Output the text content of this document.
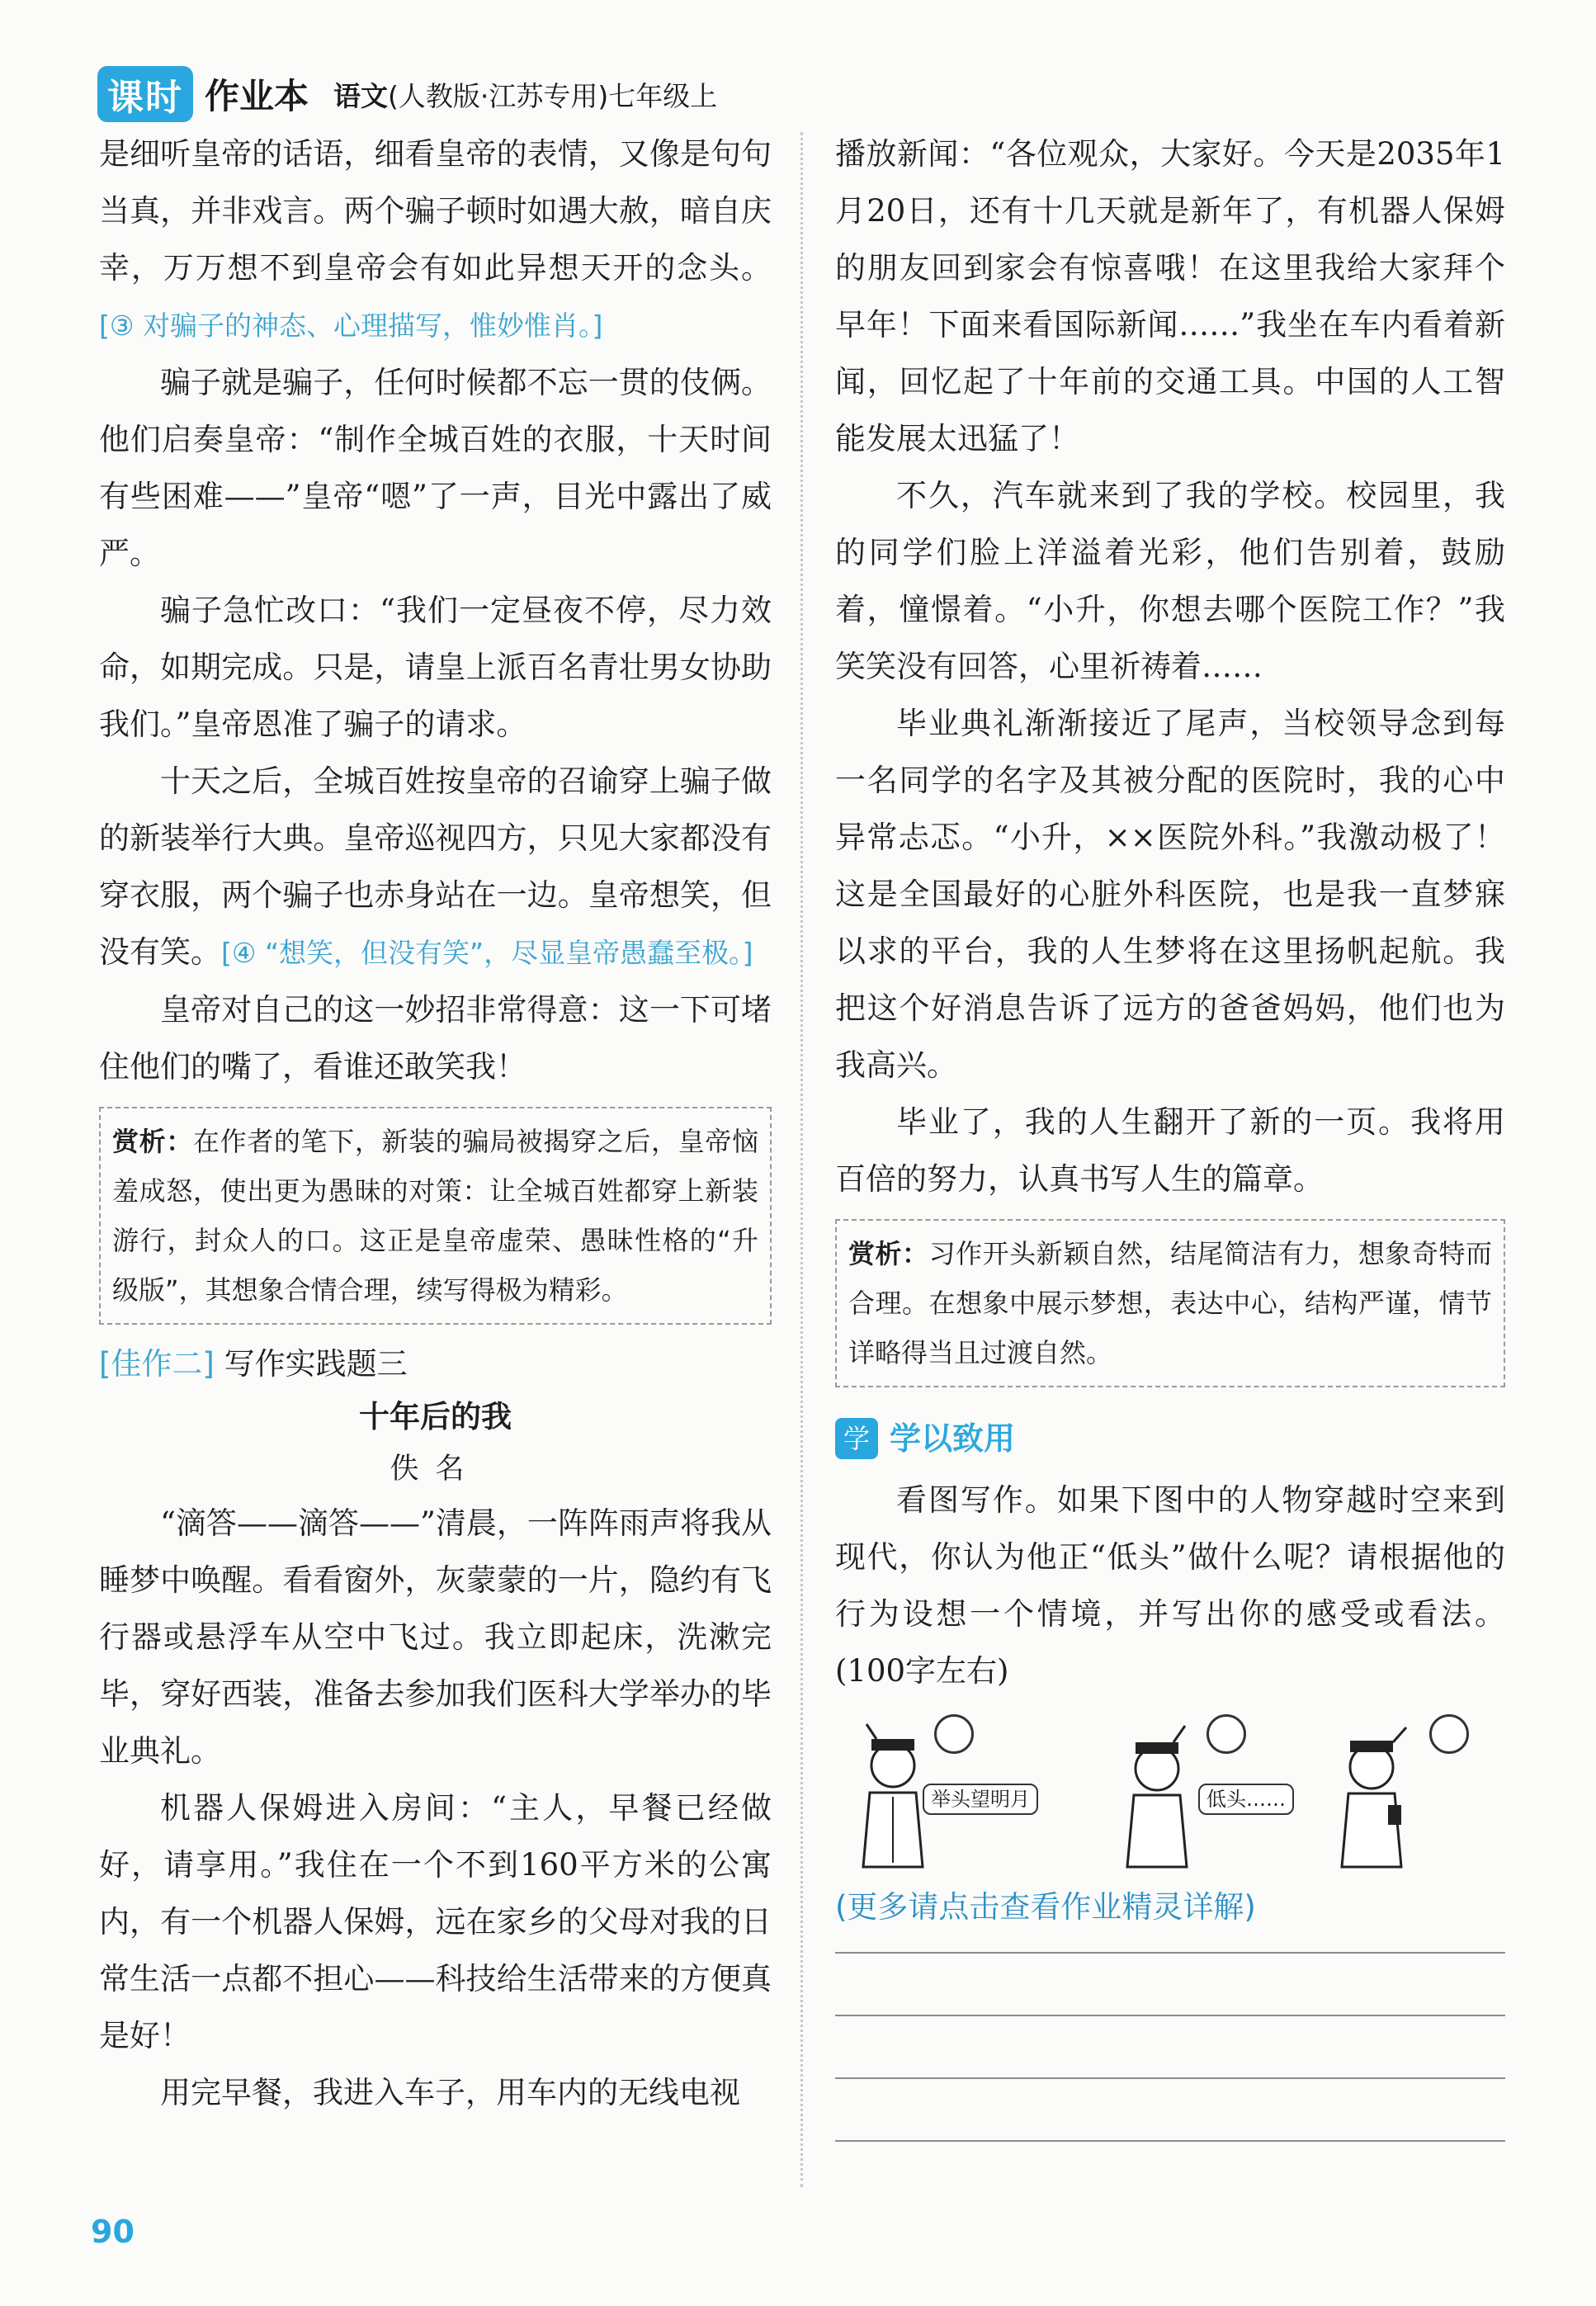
课时 作业本 语文(人教版·江苏专用)七年级上

是细听皇帝的话语，细看皇帝的表情，又像是句句当真，并非戏言。两个骗子顿时如遇大赦，暗自庆幸，万万想不到皇帝会有如此异想天开的念头。[③ 对骗子的神态、心理描写，惟妙惟肖。]

骗子就是骗子，任何时候都不忘一贯的伎俩。他们启奏皇帝：“制作全城百姓的衣服，十天时间有些困难——”皇帝“嗯”了一声，目光中露出了威严。

骗子急忙改口：“我们一定昼夜不停，尽力效命，如期完成。只是，请皇上派百名青壮男女协助我们。”皇帝恩准了骗子的请求。

十天之后，全城百姓按皇帝的召谕穿上骗子做的新装举行大典。皇帝巡视四方，只见大家都没有穿衣服，两个骗子也赤身站在一边。皇帝想笑，但没有笑。[④ “想笑，但没有笑”，尽显皇帝愚蠢至极。]

皇帝对自己的这一妙招非常得意：这一下可堵住他们的嘴了，看谁还敢笑我！

赏析：在作者的笔下，新装的骗局被揭穿之后，皇帝恼羞成怒，使出更为愚昧的对策：让全城百姓都穿上新装游行，封众人的口。这正是皇帝虚荣、愚昧性格的“升级版”，其想象合情合理，续写得极为精彩。
[佳作二] 写作实践题三
十年后的我
佚名

“滴答——滴答——”清晨，一阵阵雨声将我从睡梦中唤醒。看看窗外，灰蒙蒙的一片，隐约有飞行器或悬浮车从空中飞过。我立即起床，洗漱完毕，穿好西装，准备去参加我们医科大学举办的毕业典礼。

机器人保姆进入房间：“主人，早餐已经做好，请享用。”我住在一个不到160平方米的公寓内，有一个机器人保姆，远在家乡的父母对我的日常生活一点都不担心——科技给生活带来的方便真是好！

用完早餐，我进入车子，用车内的无线电视

播放新闻：“各位观众，大家好。今天是2035年1月20日，还有十几天就是新年了，有机器人保姆的朋友回到家会有惊喜哦！在这里我给大家拜个早年！下面来看国际新闻……”我坐在车内看着新闻，回忆起了十年前的交通工具。中国的人工智能发展太迅猛了！

不久，汽车就来到了我的学校。校园里，我的同学们脸上洋溢着光彩，他们告别着，鼓励着，憧憬着。“小升，你想去哪个医院工作？”我笑笑没有回答，心里祈祷着……

毕业典礼渐渐接近了尾声，当校领导念到每一名同学的名字及其被分配的医院时，我的心中异常忐忑。“小升，××医院外科。”我激动极了！这是全国最好的心脏外科医院，也是我一直梦寐以求的平台，我的人生梦将在这里扬帆起航。我把这个好消息告诉了远方的爸爸妈妈，他们也为我高兴。

毕业了，我的人生翻开了新的一页。我将用百倍的努力，认真书写人生的篇章。

赏析：习作开头新颖自然，结尾简洁有力，想象奇特而合理。在想象中展示梦想，表达中心，结构严谨，情节详略得当且过渡自然。
学 学以致用

看图写作。如果下图中的人物穿越时空来到现代，你认为他正“低头”做什么呢？请根据他的行为设想一个情境，并写出你的感受或看法。(100字左右)

举头望明月	低头……
(更多请点击查看作业精灵详解)
90
